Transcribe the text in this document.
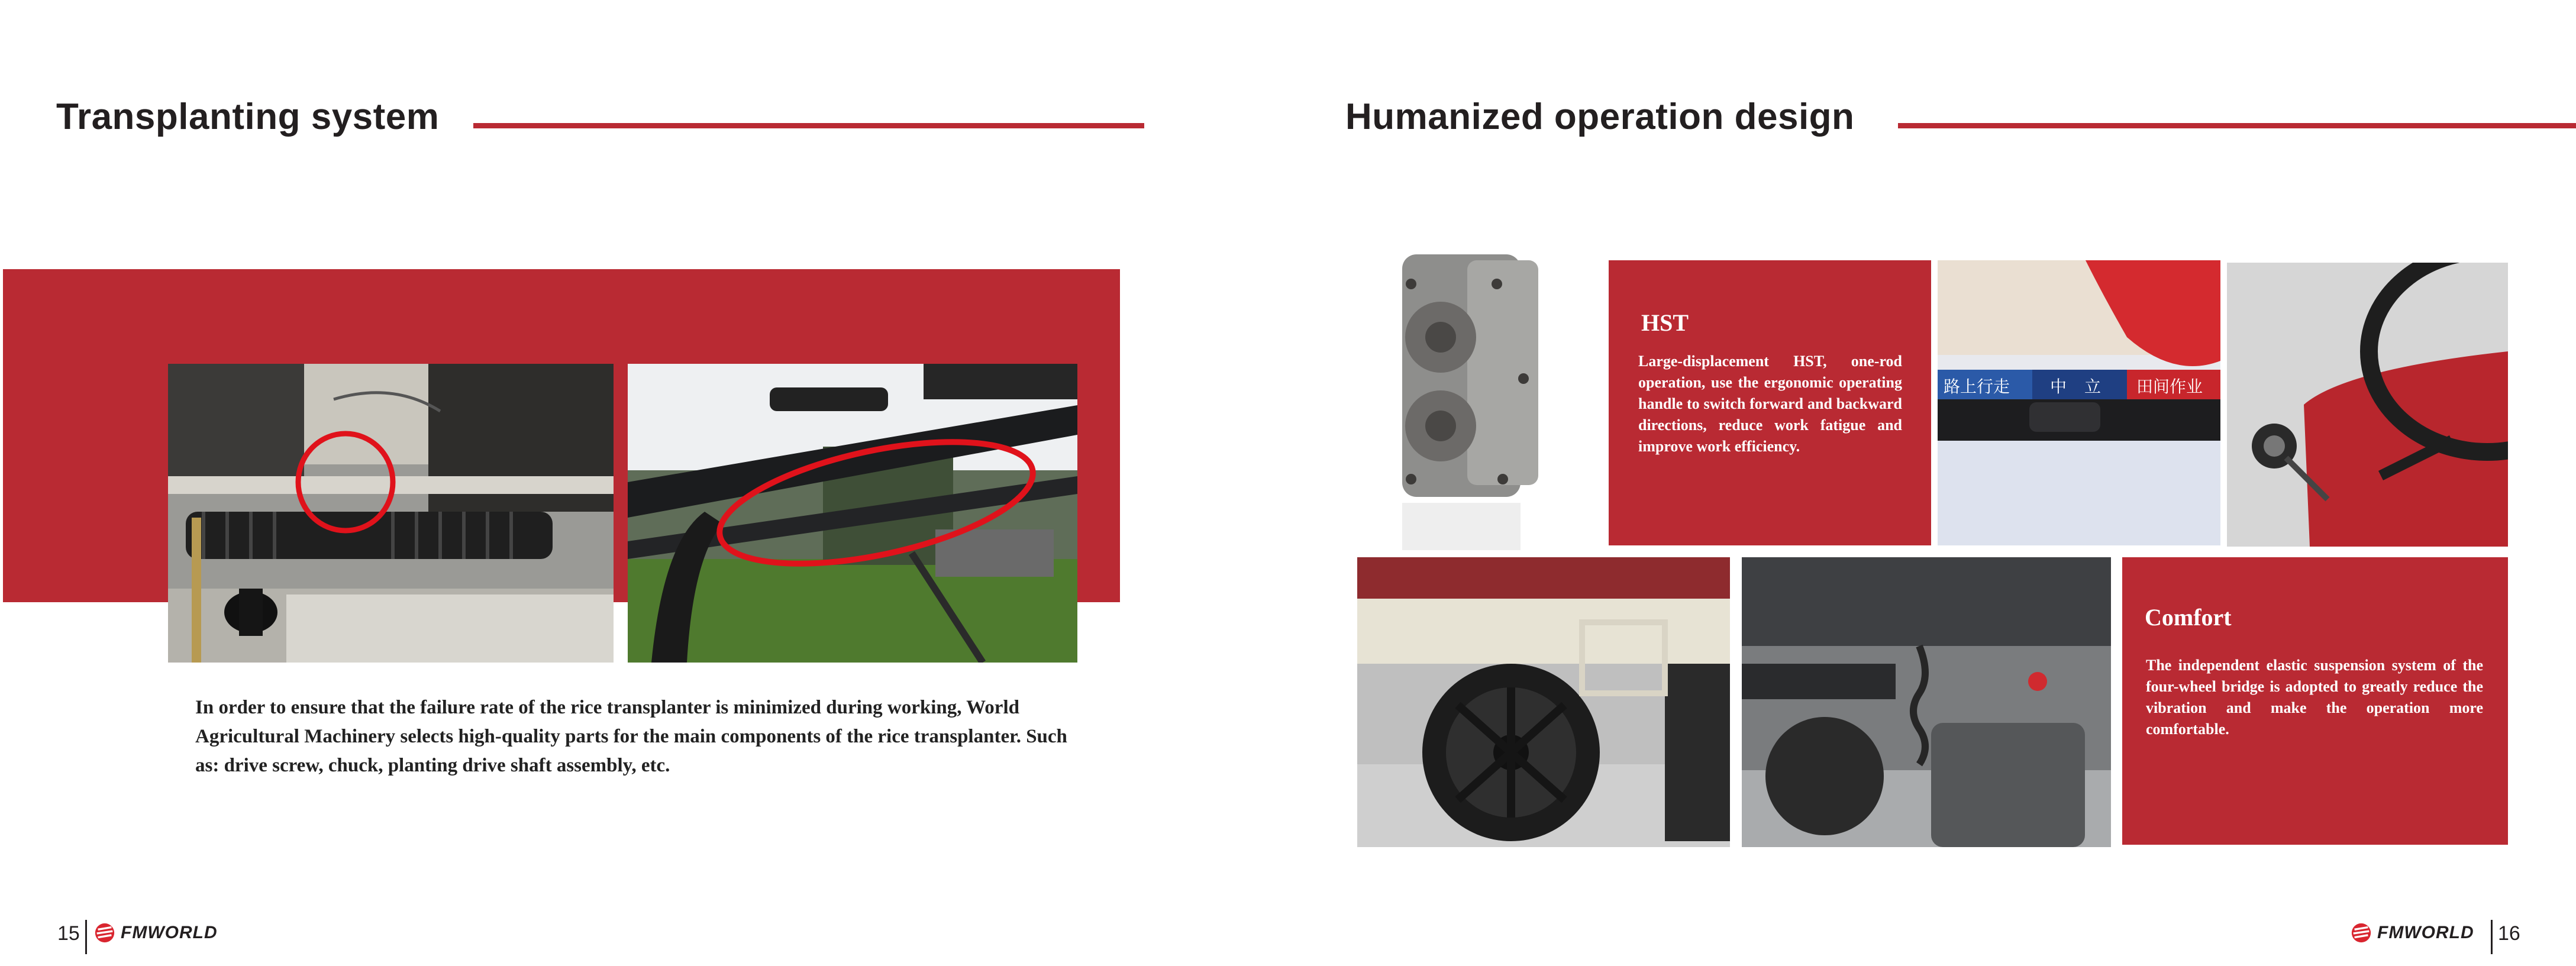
Transplanting system
In order to ensure that the failure rate of the rice transplanter is minimized during working, World Agricultural Machinery selects high-quality parts for the main components of the rice transplanter. Such as: drive screw, chuck, planting drive shaft assembly, etc.
15 FMWORLD
Humanized operation design
HST
Large-displacement HST, one-rod operation, use the ergonomic operating handle to switch forward and backward directions, reduce work fatigue and improve work efficiency.
路上行走 中立 田间作业
Comfort
The independent elastic suspension system of the four-wheel bridge is adopted to greatly reduce the vibration and make the operation more comfortable.
FMWORLD 16
